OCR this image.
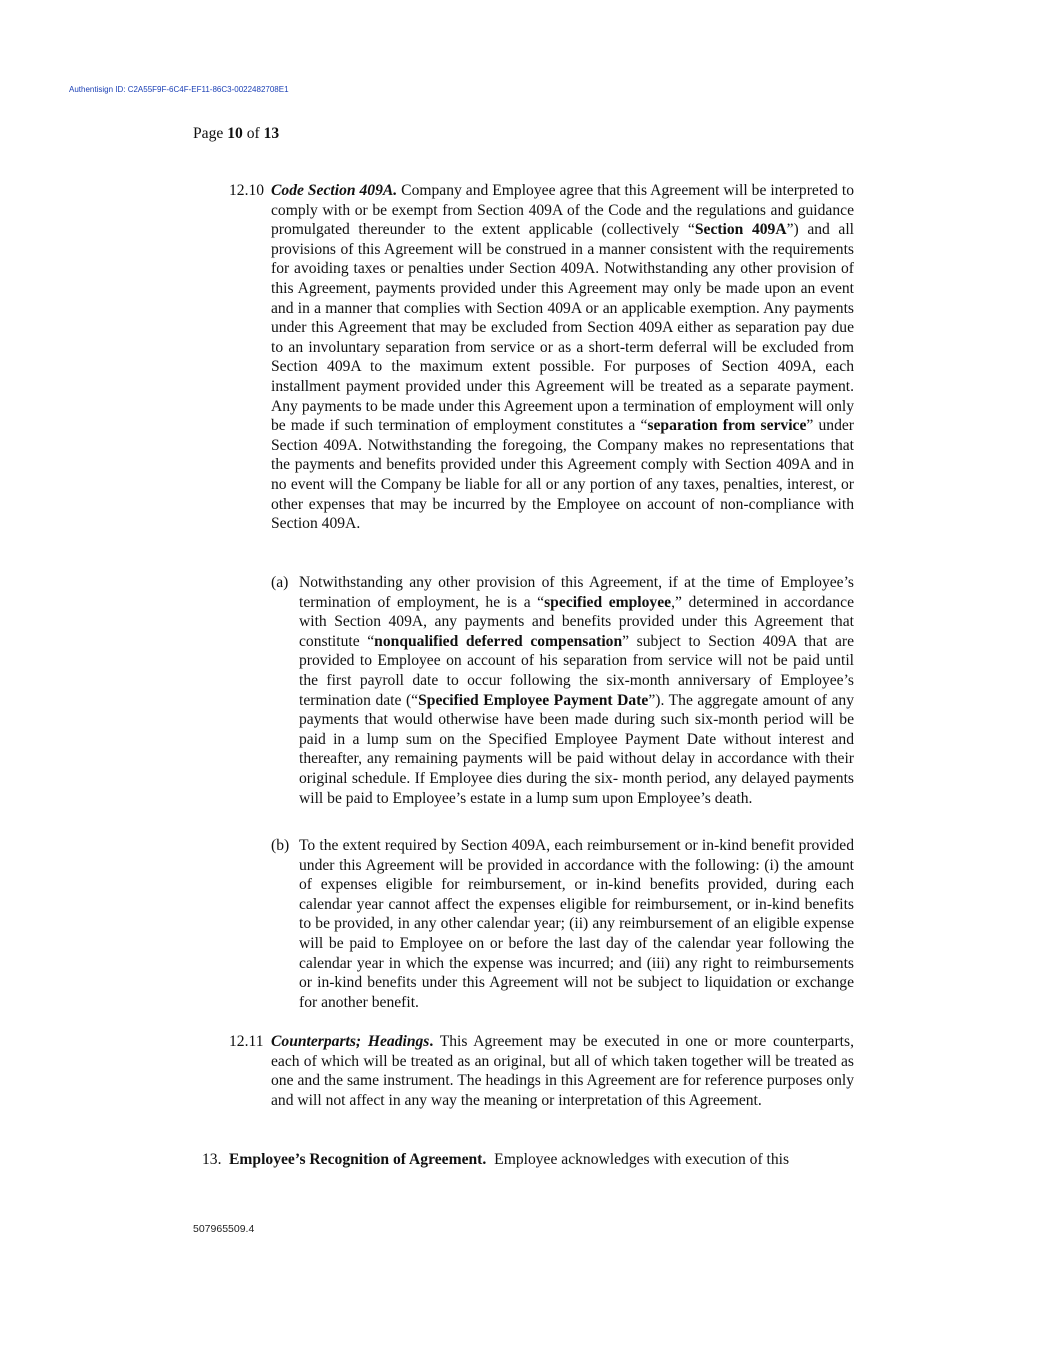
Authentisign ID: C2A55F9F-6C4F-EF11-86C3-0022482708E1
Page 10 of 13
12.10 Code Section 409A. Company and Employee agree that this Agreement will be interpreted to comply with or be exempt from Section 409A of the Code and the regulations and guidance promulgated thereunder to the extent applicable (collectively “Section 409A”) and all provisions of this Agreement will be construed in a manner consistent with the requirements for avoiding taxes or penalties under Section 409A. Notwithstanding any other provision of this Agreement, payments provided under this Agreement may only be made upon an event and in a manner that complies with Section 409A or an applicable exemption. Any payments under this Agreement that may be excluded from Section 409A either as separation pay due to an involuntary separation from service or as a short-term deferral will be excluded from Section 409A to the maximum extent possible. For purposes of Section 409A, each installment payment provided under this Agreement will be treated as a separate payment. Any payments to be made under this Agreement upon a termination of employment will only be made if such termination of employment constitutes a “separation from service” under Section 409A. Notwithstanding the foregoing, the Company makes no representations that the payments and benefits provided under this Agreement comply with Section 409A and in no event will the Company be liable for all or any portion of any taxes, penalties, interest, or other expenses that may be incurred by the Employee on account of non-compliance with Section 409A.
(a) Notwithstanding any other provision of this Agreement, if at the time of Employee’s termination of employment, he is a “specified employee,” determined in accordance with Section 409A, any payments and benefits provided under this Agreement that constitute “nonqualified deferred compensation” subject to Section 409A that are provided to Employee on account of his separation from service will not be paid until the first payroll date to occur following the six-month anniversary of Employee’s termination date (“Specified Employee Payment Date”). The aggregate amount of any payments that would otherwise have been made during such six-month period will be paid in a lump sum on the Specified Employee Payment Date without interest and thereafter, any remaining payments will be paid without delay in accordance with their original schedule. If Employee dies during the six- month period, any delayed payments will be paid to Employee’s estate in a lump sum upon Employee’s death.
(b) To the extent required by Section 409A, each reimbursement or in-kind benefit provided under this Agreement will be provided in accordance with the following: (i) the amount of expenses eligible for reimbursement, or in-kind benefits provided, during each calendar year cannot affect the expenses eligible for reimbursement, or in-kind benefits to be provided, in any other calendar year; (ii) any reimbursement of an eligible expense will be paid to Employee on or before the last day of the calendar year following the calendar year in which the expense was incurred; and (iii) any right to reimbursements or in-kind benefits under this Agreement will not be subject to liquidation or exchange for another benefit.
12.11 Counterparts; Headings. This Agreement may be executed in one or more counterparts, each of which will be treated as an original, but all of which taken together will be treated as one and the same instrument. The headings in this Agreement are for reference purposes only and will not affect in any way the meaning or interpretation of this Agreement.
13. Employee’s Recognition of Agreement. Employee acknowledges with execution of this
507965509.4
